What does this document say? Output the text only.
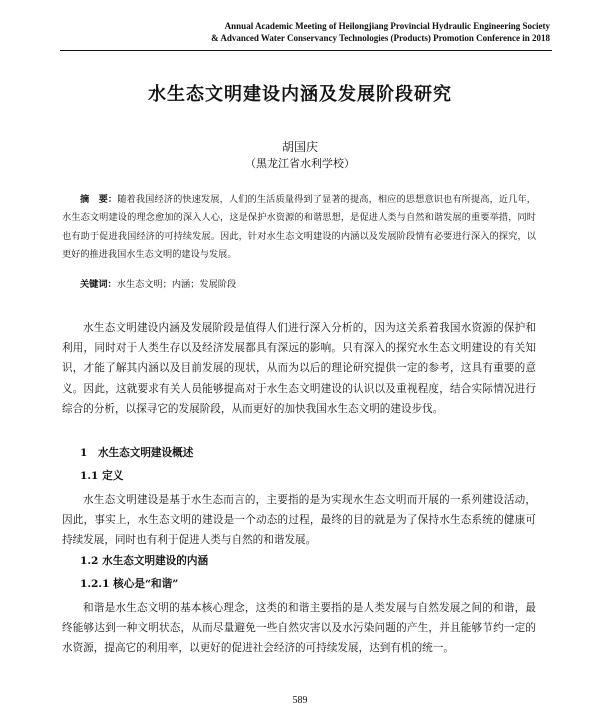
Annual Academic Meeting of Heilongjiang Provincial Hydraulic Engineering Society
& Advanced Water Conservancy Technologies (Products) Promotion Conference in 2018
水生态文明建设内涵及发展阶段研究
胡国庆
（黑龙江省水利学校）
摘　要：随着我国经济的快速发展，人们的生活质量得到了显著的提高，相应的思想意识也有所提高，近几年，水生态文明建设的理念愈加的深入人心，这是保护水资源的和谐思想，是促进人类与自然和谐发展的重要举措，同时也有助于促进我国经济的可持续发展。因此，针对水生态文明建设的内涵以及发展阶段情有必要进行深入的探究，以更好的推进我国水生态文明的建设与发展。
关键词：水生态文明；内涵；发展阶段
水生态文明建设内涵及发展阶段是值得人们进行深入分析的，因为这关系着我国水资源的保护和利用，同时对于人类生存以及经济发展都具有深远的影响。只有深入的探究水生态文明建设的有关知识，才能了解其内涵以及目前发展的现状，从而为以后的理论研究提供一定的参考，这具有重要的意义。因此，这就要求有关人员能够提高对于水生态文明建设的认识以及重视程度，结合实际情况进行综合的分析，以探寻它的发展阶段，从而更好的加快我国水生态文明的建设步伐。
1　水生态文明建设概述
1.1 定义
水生态文明建设是基于水生态而言的，主要指的是为实现水生态文明而开展的一系列建设活动，因此，事实上，水生态文明的建设是一个动态的过程，最终的目的就是为了保持水生态系统的健康可持续发展，同时也有利于促进人类与自然的和谐发展。
1.2 水生态文明建设的内涵
1.2.1 核心是“和谐”
和谐是水生态文明的基本核心理念，这类的和谐主要指的是人类发展与自然发展之间的和谐，最终能够达到一种文明状态，从而尽量避免一些自然灾害以及水污染问题的产生，并且能够节约一定的水资源，提高它的利用率，以更好的促进社会经济的可持续发展，达到有机的统一。
589
